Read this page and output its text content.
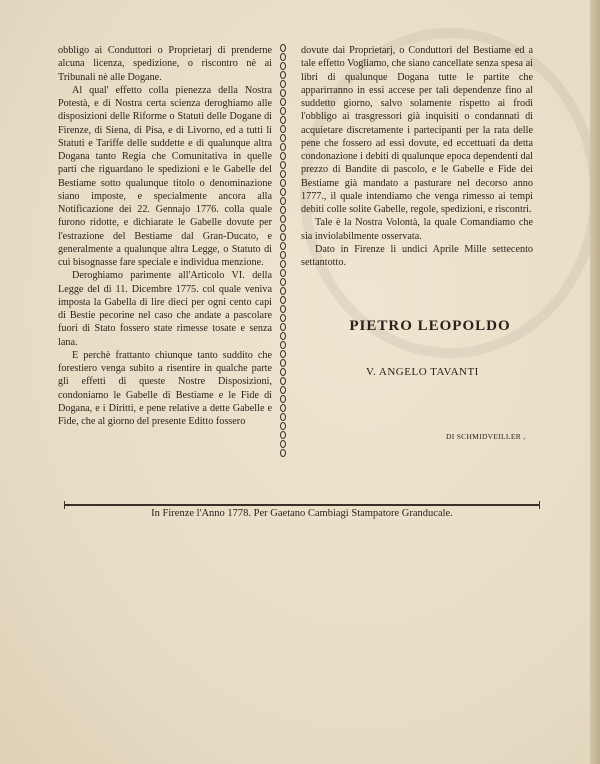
obbligo ai Conduttori o Proprietarj di prenderne alcuna licenza, spedizione, o riscontro nè ai Tribunali nè alle Dogane.

Al qual' effetto colla pienezza della Nostra Potestà, e di Nostra certa scienza deroghiamo alle disposizioni delle Riforme o Statuti delle Dogane di Firenze, di Siena, di Pisa, e di Livorno, ed a tutti li Statuti e Tariffe delle suddette e di qualunque altra Dogana tanto Regia che Comunitativa in quelle parti che riguardano le spedizioni e le Gabelle del Bestiame sotto qualunque titolo o denominazione siano imposte, e specialmente ancora alla Notificazione dei 22. Gennajo 1776. colla quale furono ridotte, e dichiarate le Gabelle dovute per l'estrazione del Bestiame dal Gran-Ducato, e generalmente a qualunque altra Legge, o Statuto di cui bisognasse fare speciale e individua menzione.

Deroghiamo parimente all'Articolo VI. della Legge del dì 11. Dicembre 1775. col quale veniva imposta la Gabella di lire dieci per ogni cento capi di Bestie pecorine nel caso che andate a pascolare fuori di Stato fossero state rimesse tosate e senza lana.

E perchè frattanto chiunque tanto suddito che forestiero venga subito a risentire in qualche parte gli effetti di queste Nostre Disposizioni, condoniamo le Gabelle di Bestiame e le Fide di Dogana, e i Diritti, e pene relative a dette Gabelle e Fide, che al giorno del presente Editto fossero

dovute dai Proprietarj, o Conduttori del Bestiame ed a tale effetto Vogliamo, che siano cancellate senza spesa ai libri di qualunque Dogana tutte le partite che apparirranno in essi accese per tali dependenze fino al suddetto giorno, salvo solamente rispetto ai frodi l'obbligo ai trasgressori già inquisiti o condannati di acquietare discretamente i partecipanti per la rata delle pene che fossero ad essi dovute, ed eccettuati da detta condonazione i debiti di qualunque epoca dependenti dal prezzo di Bandite di pascolo, e le Gabelle e Fide dei Bestiame già mandato a pasturare nel decorso anno 1777., il quale intendiamo che venga rimesso ai tempi debiti colle solite Gabelle, regole, spedizioni, e riscontri.

Tale è la Nostra Volontà, la quale Comandiamo che sia inviolabilmente osservata.

Dato in Firenze li undici Aprile Mille settecento settantotto.

PIETRO LEOPOLDO
V. ANGELO TAVANTI
DI SCHMIDVEILLER ,
In Firenze l'Anno 1778. Per Gaetano Cambiagi Stampatore Granducale.
